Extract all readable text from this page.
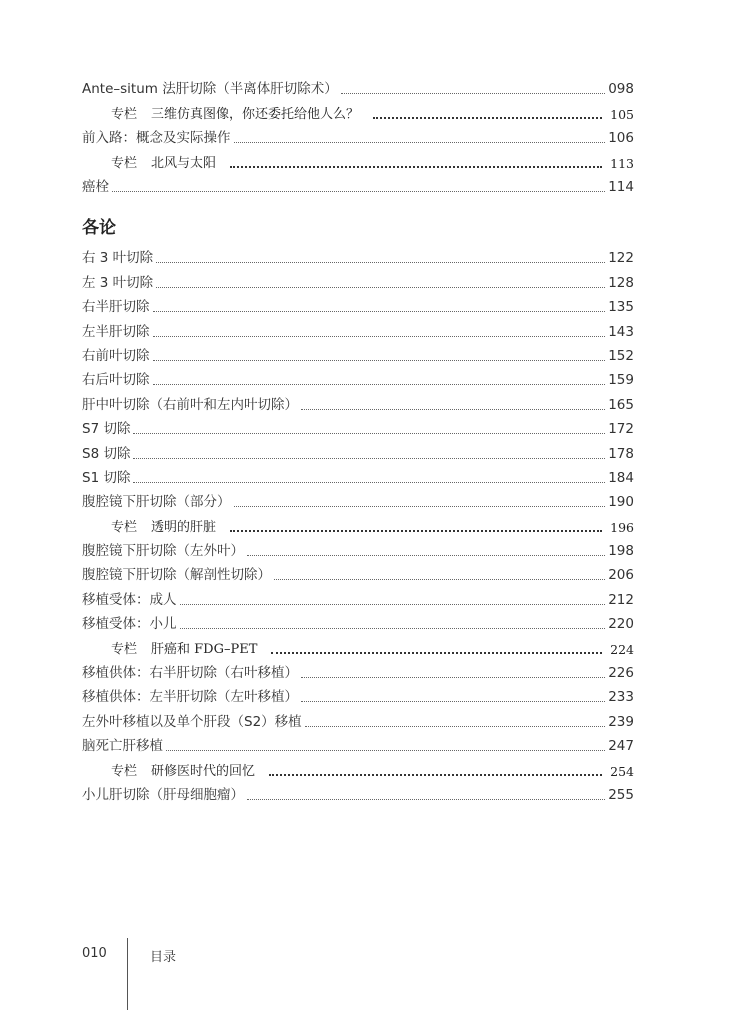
Ante–situm 法肝切除（半离体肝切除术）	098
专栏 三维仿真图像，你还委托给他人么？	105
前入路：概念及实际操作	106
专栏 北风与太阳	113
癌栓	114
各论
右 3 叶切除	122
左 3 叶切除	128
右半肝切除	135
左半肝切除	143
右前叶切除	152
右后叶切除	159
肝中叶切除（右前叶和左内叶切除）	165
S7 切除	172
S8 切除	178
S1 切除	184
腹腔镜下肝切除（部分）	190
专栏 透明的肝脏	196
腹腔镜下肝切除（左外叶）	198
腹腔镜下肝切除（解剖性切除）	206
移植受体：成人	212
移植受体：小儿	220
专栏 肝癌和 FDG–PET	224
移植供体：右半肝切除（右叶移植）	226
移植供体：左半肝切除（左叶移植）	233
左外叶移植以及单个肝段（S2）移植	239
脑死亡肝移植	247
专栏 研修医时代的回忆	254
小儿肝切除（肝母细胞瘤）	255
010	目录
